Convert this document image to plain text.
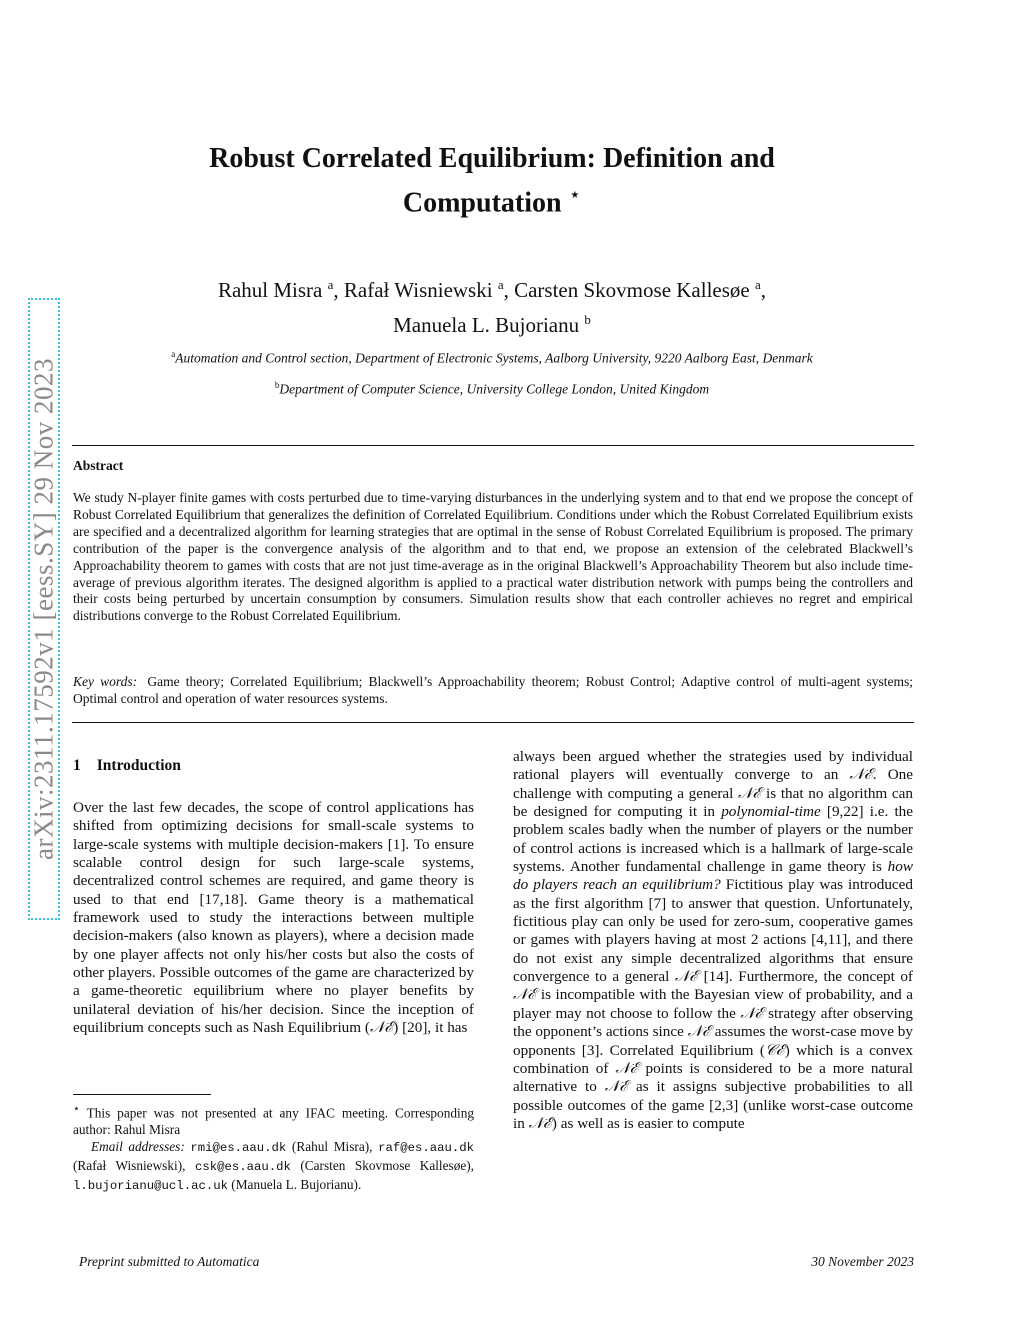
arXiv:2311.17592v1 [eess.SY] 29 Nov 2023
Robust Correlated Equilibrium: Definition and
Computation ⋆
Rahul Misra $^a$, Rafał Wisniewski $^a$, Carsten Skovmose Kallesøe $^a$,
Manuela L. Bujorianu $^b$
$^a$Automation and Control section, Department of Electronic Systems, Aalborg University, 9220 Aalborg East, Denmark
$^b$Department of Computer Science, University College London, United Kingdom
Abstract
We study N-player finite games with costs perturbed due to time-varying disturbances in the underlying system and to that end we propose the concept of Robust Correlated Equilibrium that generalizes the definition of Correlated Equilibrium. Conditions under which the Robust Correlated Equilibrium exists are specified and a decentralized algorithm for learning strategies that are optimal in the sense of Robust Correlated Equilibrium is proposed. The primary contribution of the paper is the convergence analysis of the algorithm and to that end, we propose an extension of the celebrated Blackwell’s Approachability theorem to games with costs that are not just time-average as in the original Blackwell’s Approachability Theorem but also include time-average of previous algorithm iterates. The designed algorithm is applied to a practical water distribution network with pumps being the controllers and their costs being perturbed by uncertain consumption by consumers. Simulation results show that each controller achieves no regret and empirical distributions converge to the Robust Correlated Equilibrium.
Key words: Game theory; Correlated Equilibrium; Blackwell’s Approachability theorem; Robust Control; Adaptive control of multi-agent systems; Optimal control and operation of water resources systems.
1 Introduction
Over the last few decades, the scope of control applications has shifted from optimizing decisions for small-scale systems to large-scale systems with multiple decision-makers [1]. To ensure scalable control design for such large-scale systems, decentralized control schemes are required, and game theory is used to that end [17,18]. Game theory is a mathematical framework used to study the interactions between multiple decision-makers (also known as players), where a decision made by one player affects not only his/her costs but also the costs of other players. Possible outcomes of the game are characterized by a game-theoretic equilibrium where no player benefits by unilateral deviation of his/her decision. Since the inception of equilibrium concepts such as Nash Equilibrium (𝒩ℰ) [20], it has
always been argued whether the strategies used by individual rational players will eventually converge to an 𝒩ℰ. One challenge with computing a general 𝒩ℰ is that no algorithm can be designed for computing it in polynomial-time [9,22] i.e. the problem scales badly when the number of players or the number of control actions is increased which is a hallmark of large-scale systems. Another fundamental challenge in game theory is how do players reach an equilibrium? Fictitious play was introduced as the first algorithm [7] to answer that question. Unfortunately, fictitious play can only be used for zero-sum, cooperative games or games with players having at most 2 actions [4,11], and there do not exist any simple decentralized algorithms that ensure convergence to a general 𝒩ℰ [14]. Furthermore, the concept of 𝒩ℰ is incompatible with the Bayesian view of probability, and a player may not choose to follow the 𝒩ℰ strategy after observing the opponent’s actions since 𝒩ℰ assumes the worst-case move by opponents [3]. Correlated Equilibrium (𝒞ℰ) which is a convex combination of 𝒩ℰ points is considered to be a more natural alternative to 𝒩ℰ as it assigns subjective probabilities to all possible outcomes of the game [2,3] (unlike worst-case outcome in 𝒩ℰ) as well as is easier to compute
⋆ This paper was not presented at any IFAC meeting. Corresponding author: Rahul Misra
Email addresses: rmi@es.aau.dk (Rahul Misra), raf@es.aau.dk (Rafał Wisniewski), csk@es.aau.dk (Carsten Skovmose Kallesøe), l.bujorianu@ucl.ac.uk (Manuela L. Bujorianu).
Preprint submitted to Automatica	30 November 2023
